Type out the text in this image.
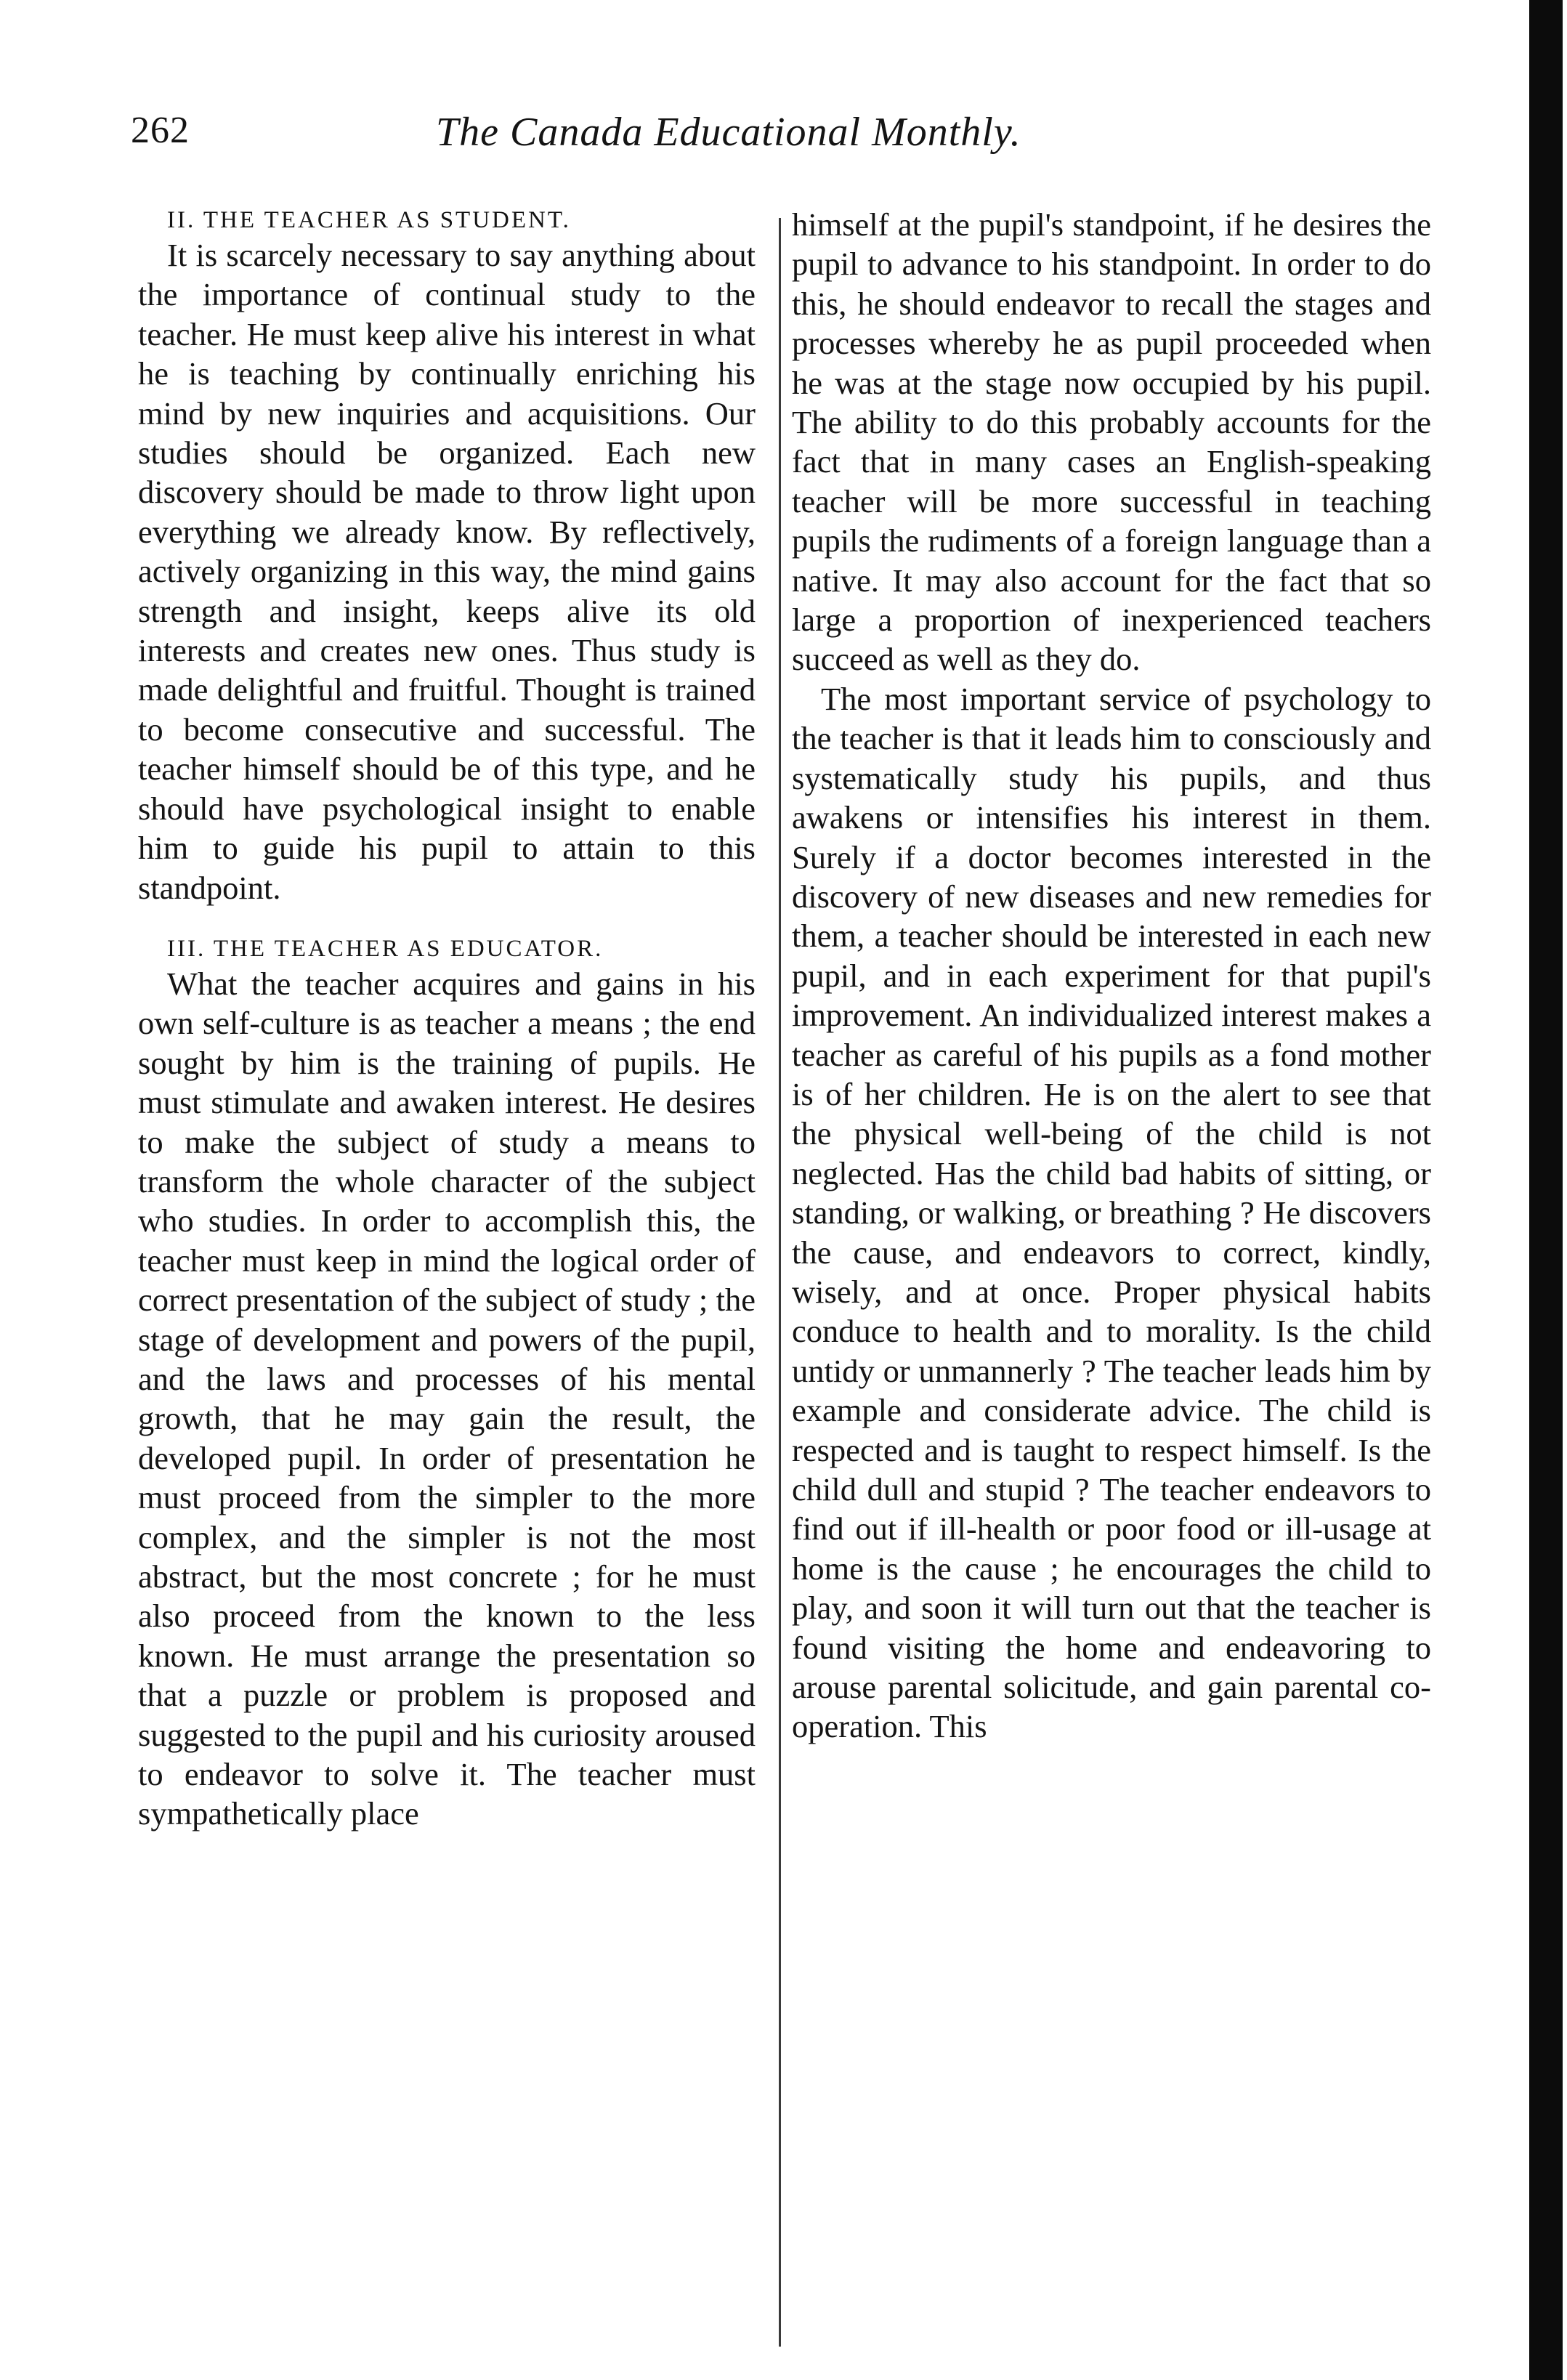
262	The Canada Educational Monthly.

II. THE TEACHER AS STUDENT.

It is scarcely necessary to say anything about the importance of continual study to the teacher. He must keep alive his interest in what he is teaching by continually enriching his mind by new inquiries and acquisitions. Our studies should be organized. Each new discovery should be made to throw light upon everything we already know. By reflectively, actively organizing in this way, the mind gains strength and insight, keeps alive its old interests and creates new ones. Thus study is made delightful and fruitful. Thought is trained to become consecutive and successful. The teacher himself should be of this type, and he should have psychological insight to enable him to guide his pupil to attain to this standpoint.

III. THE TEACHER AS EDUCATOR.

What the teacher acquires and gains in his own self-culture is as teacher a means ; the end sought by him is the training of pupils. He must stimulate and awaken interest. He desires to make the subject of study a means to transform the whole character of the subject who studies. In order to accomplish this, the teacher must keep in mind the logical order of correct presentation of the subject of study ; the stage of development and powers of the pupil, and the laws and processes of his mental growth, that he may gain the result, the developed pupil. In order of presentation he must proceed from the simpler to the more complex, and the simpler is not the most abstract, but the most concrete ; for he must also proceed from the known to the less known. He must arrange the presentation so that a puzzle or problem is proposed and suggested to the pupil and his curiosity aroused to endeavor to solve it. The teacher must sympathetically place

himself at the pupil's standpoint, if he desires the pupil to advance to his standpoint. In order to do this, he should endeavor to recall the stages and processes whereby he as pupil proceeded when he was at the stage now occupied by his pupil. The ability to do this probably accounts for the fact that in many cases an English-speaking teacher will be more successful in teaching pupils the rudiments of a foreign language than a native. It may also account for the fact that so large a proportion of inexperienced teachers succeed as well as they do.

The most important service of psychology to the teacher is that it leads him to consciously and systematically study his pupils, and thus awakens or intensifies his interest in them. Surely if a doctor becomes interested in the discovery of new diseases and new remedies for them, a teacher should be interested in each new pupil, and in each experiment for that pupil's improvement. An individualized interest makes a teacher as careful of his pupils as a fond mother is of her children. He is on the alert to see that the physical well-being of the child is not neglected. Has the child bad habits of sitting, or standing, or walking, or breathing ? He discovers the cause, and endeavors to correct, kindly, wisely, and at once. Proper physical habits conduce to health and to morality. Is the child untidy or unmannerly ? The teacher leads him by example and considerate advice. The child is respected and is taught to respect himself. Is the child dull and stupid ? The teacher endeavors to find out if ill-health or poor food or ill-usage at home is the cause ; he encourages the child to play, and soon it will turn out that the teacher is found visiting the home and endeavoring to arouse parental solicitude, and gain parental co-operation. This
